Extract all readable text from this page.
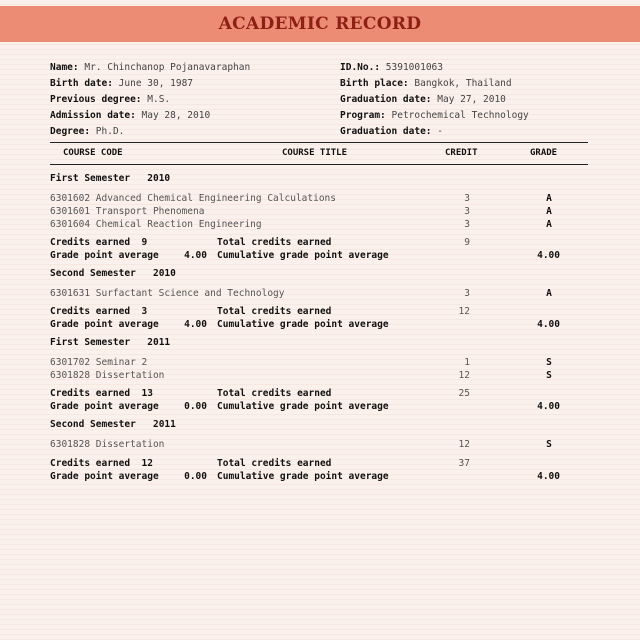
ACADEMIC RECORD
Name: Mr. Chinchanop Pojanavaraphan
Birth date: June 30, 1987
Previous degree: M.S.
Admission date: May 28, 2010
Degree: Ph.D.
ID.No.: 5391001063
Birth place: Bangkok, Thailand
Graduation date: May 27, 2010
Program: Petrochemical Technology
Graduation date: -
COURSE CODE	COURSE TITLE	CREDIT	GRADE
First Semester 2010
6301602 Advanced Chemical Engineering Calculations	3	A
6301601 Transport Phenomena	3	A
6301604 Chemical Reaction Engineering	3	A
Credits earned 9	Total credits earned	9
Grade point average	4.00 Cumulative grade point average	4.00
Second Semester 2010
6301631 Surfactant Science and Technology	3	A
Credits earned 3	Total credits earned	12
Grade point average	4.00 Cumulative grade point average	4.00
First Semester 2011
6301702 Seminar 2	1	S
6301828 Dissertation	12	S
Credits earned 13	Total credits earned	25
Grade point average	0.00 Cumulative grade point average	4.00
Second Semester 2011
6301828 Dissertation	12	S
Credits earned 12	Total credits earned	37
Grade point average	0.00 Cumulative grade point average	4.00
